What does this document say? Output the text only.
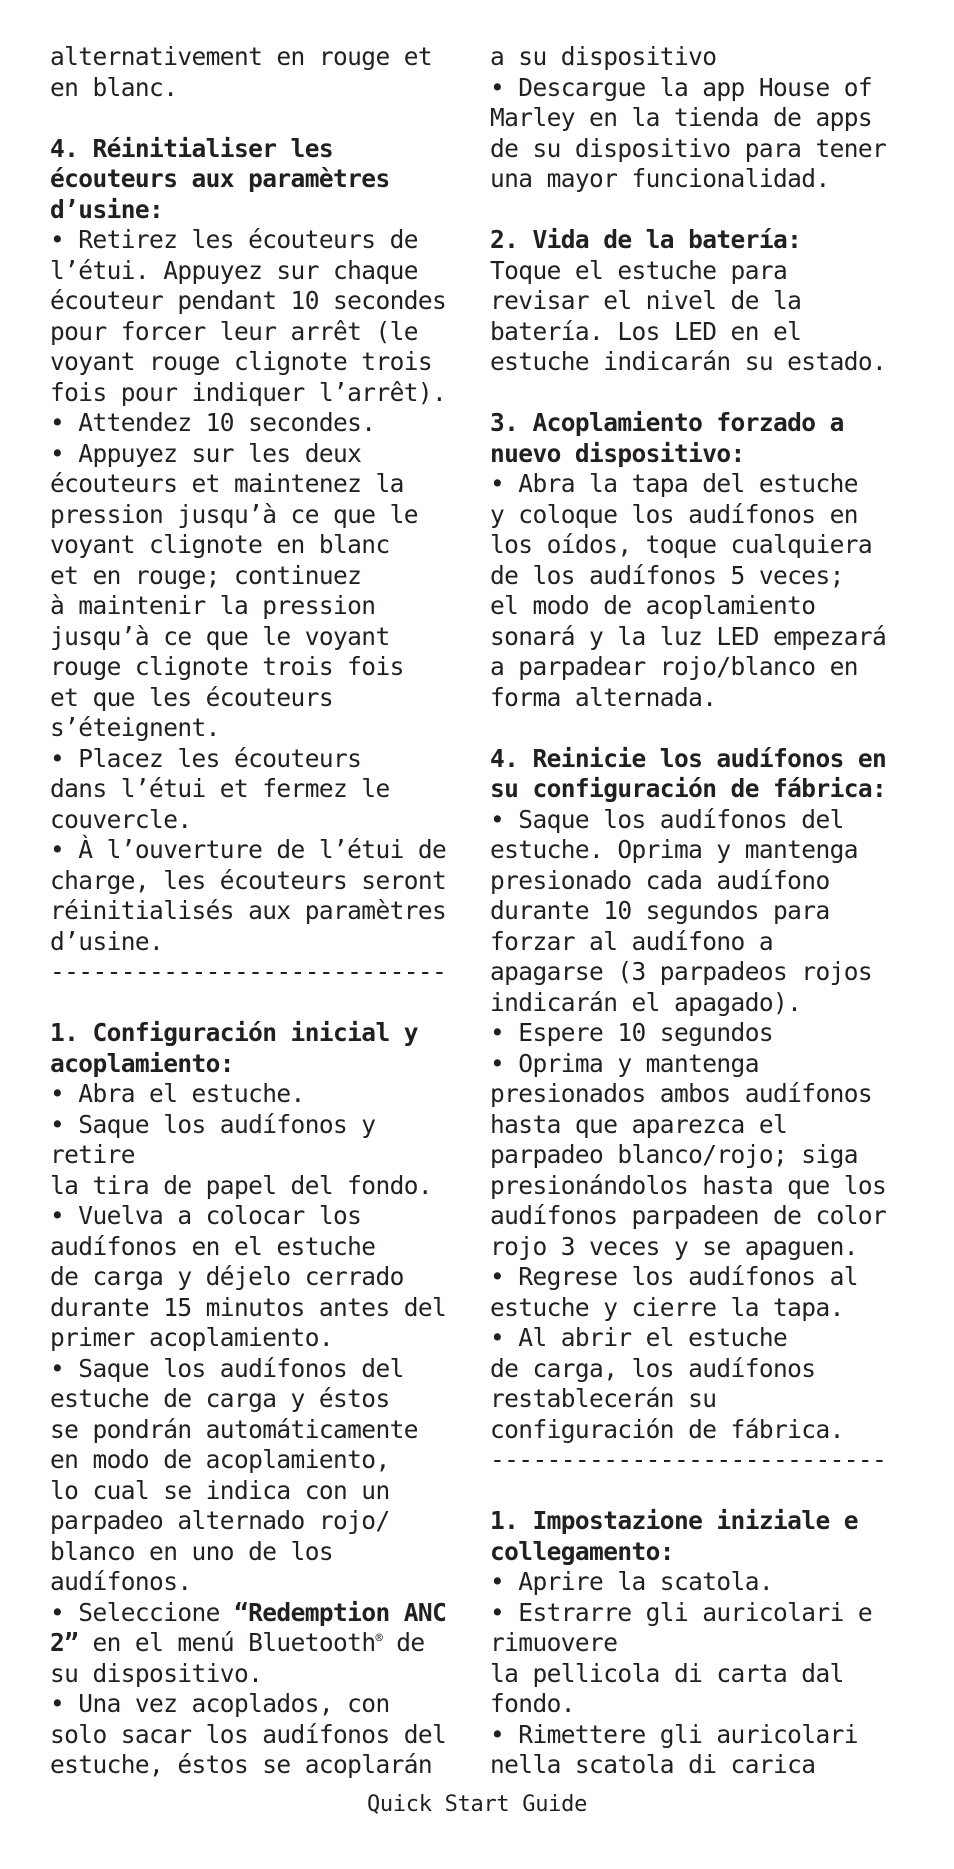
alternativement en rouge et
en blanc.
4. Réinitialiser les
écouteurs aux paramètres
d’usine:
• Retirez les écouteurs de
l’étui. Appuyez sur chaque
écouteur pendant 10 secondes
pour forcer leur arrêt (le
voyant rouge clignote trois
fois pour indiquer l’arrêt).
• Attendez 10 secondes.
• Appuyez sur les deux
écouteurs et maintenez la
pression jusqu’à ce que le
voyant clignote en blanc
et en rouge; continuez
à maintenir la pression
jusqu’à ce que le voyant
rouge clignote trois fois
et que les écouteurs
s’éteignent.
• Placez les écouteurs
dans l’étui et fermez le
couvercle.
• À l’ouverture de l’étui de
charge, les écouteurs seront
réinitialisés aux paramètres
d’usine.
----------------------------
1. Configuración inicial y
acoplamiento:
• Abra el estuche.
• Saque los audífonos y
retire
la tira de papel del fondo.
• Vuelva a colocar los
audífonos en el estuche
de carga y déjelo cerrado
durante 15 minutos antes del
primer acoplamiento.
• Saque los audífonos del
estuche de carga y éstos
se pondrán automáticamente
en modo de acoplamiento,
lo cual se indica con un
parpadeo alternado rojo/
blanco en uno de los
audífonos.
• Seleccione “Redemption ANC
2” en el menú Bluetooth® de
su dispositivo.
• Una vez acoplados, con
solo sacar los audífonos del
estuche, éstos se acoplarán
a su dispositivo
• Descargue la app House of
Marley en la tienda de apps
de su dispositivo para tener
una mayor funcionalidad.
2. Vida de la batería:
Toque el estuche para
revisar el nivel de la
batería. Los LED en el
estuche indicarán su estado.
3. Acoplamiento forzado a
nuevo dispositivo:
• Abra la tapa del estuche
y coloque los audífonos en
los oídos, toque cualquiera
de los audífonos 5 veces;
el modo de acoplamiento
sonará y la luz LED empezará
a parpadear rojo/blanco en
forma alternada.
4. Reinicie los audífonos en
su configuración de fábrica:
• Saque los audífonos del
estuche. Oprima y mantenga
presionado cada audífono
durante 10 segundos para
forzar al audífono a
apagarse (3 parpadeos rojos
indicarán el apagado).
• Espere 10 segundos
• Oprima y mantenga
presionados ambos audífonos
hasta que aparezca el
parpadeo blanco/rojo; siga
presionándolos hasta que los
audífonos parpadeen de color
rojo 3 veces y se apaguen.
• Regrese los audífonos al
estuche y cierre la tapa.
• Al abrir el estuche
de carga, los audífonos
restablecerán su
configuración de fábrica.
----------------------------
1. Impostazione iniziale e
collegamento:
• Aprire la scatola.
• Estrarre gli auricolari e
rimuovere
la pellicola di carta dal
fondo.
• Rimettere gli auricolari
nella scatola di carica
Quick Start Guide
